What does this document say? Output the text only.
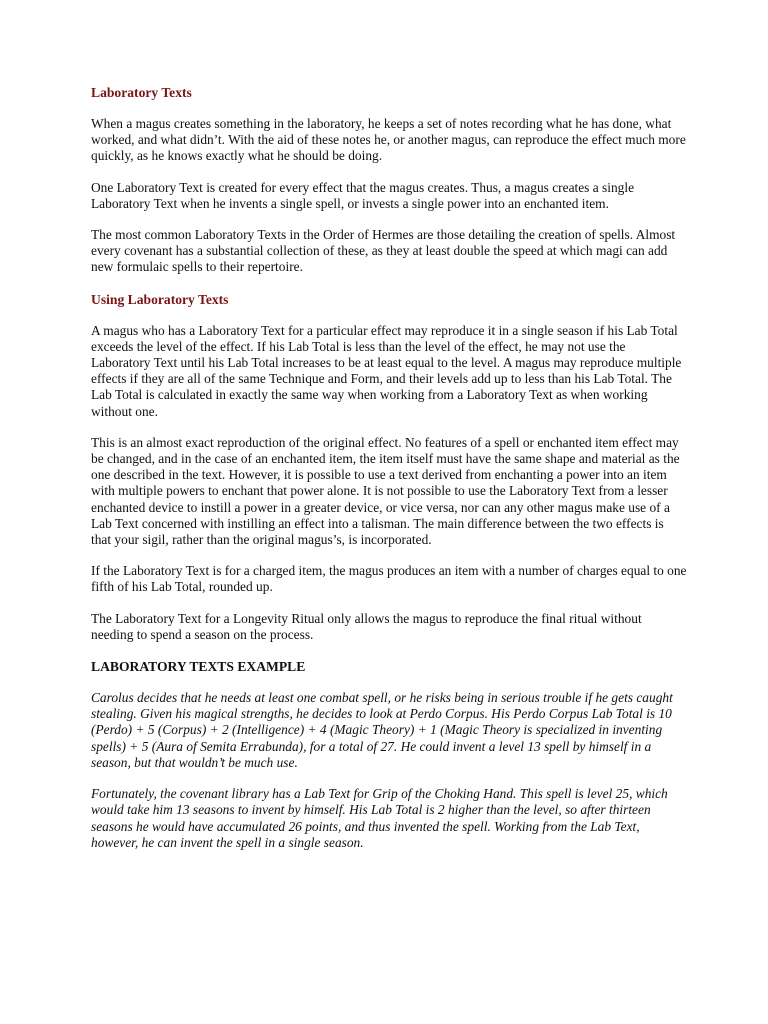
Laboratory Texts

When a magus creates something in the laboratory, he keeps a set of notes recording what he has done, what worked, and what didn’t. With the aid of these notes he, or another magus, can reproduce the effect much more quickly, as he knows exactly what he should be doing.

One Laboratory Text is created for every effect that the magus creates. Thus, a magus creates a single Laboratory Text when he invents a single spell, or invests a single power into an enchanted item.

The most common Laboratory Texts in the Order of Hermes are those detailing the creation of spells. Almost every covenant has a substantial collection of these, as they at least double the speed at which magi can add new formulaic spells to their repertoire.

Using Laboratory Texts

A magus who has a Laboratory Text for a particular effect may reproduce it in a single season if his Lab Total exceeds the level of the effect. If his Lab Total is less than the level of the effect, he may not use the Laboratory Text until his Lab Total increases to be at least equal to the level. A magus may reproduce multiple effects if they are all of the same Technique and Form, and their levels add up to less than his Lab Total. The Lab Total is calculated in exactly the same way when working from a Laboratory Text as when working without one.

This is an almost exact reproduction of the original effect. No features of a spell or enchanted item effect may be changed, and in the case of an enchanted item, the item itself must have the same shape and material as the one described in the text. However, it is possible to use a text derived from enchanting a power into an item with multiple powers to enchant that power alone. It is not possible to use the Laboratory Text from a lesser enchanted device to instill a power in a greater device, or vice versa, nor can any other magus make use of a Lab Text concerned with instilling an effect into a talisman. The main difference between the two effects is that your sigil, rather than the original magus’s, is incorporated.

If the Laboratory Text is for a charged item, the magus produces an item with a number of charges equal to one fifth of his Lab Total, rounded up.

The Laboratory Text for a Longevity Ritual only allows the magus to reproduce the final ritual without needing to spend a season on the process.

LABORATORY TEXTS EXAMPLE

Carolus decides that he needs at least one combat spell, or he risks being in serious trouble if he gets caught stealing. Given his magical strengths, he decides to look at Perdo Corpus. His Perdo Corpus Lab Total is 10 (Perdo) + 5 (Corpus) + 2 (Intelligence) + 4 (Magic Theory) + 1 (Magic Theory is specialized in inventing spells) + 5 (Aura of Semita Errabunda), for a total of 27. He could invent a level 13 spell by himself in a season, but that wouldn’t be much use.

Fortunately, the covenant library has a Lab Text for Grip of the Choking Hand. This spell is level 25, which would take him 13 seasons to invent by himself. His Lab Total is 2 higher than the level, so after thirteen seasons he would have accumulated 26 points, and thus invented the spell. Working from the Lab Text, however, he can invent the spell in a single season.
